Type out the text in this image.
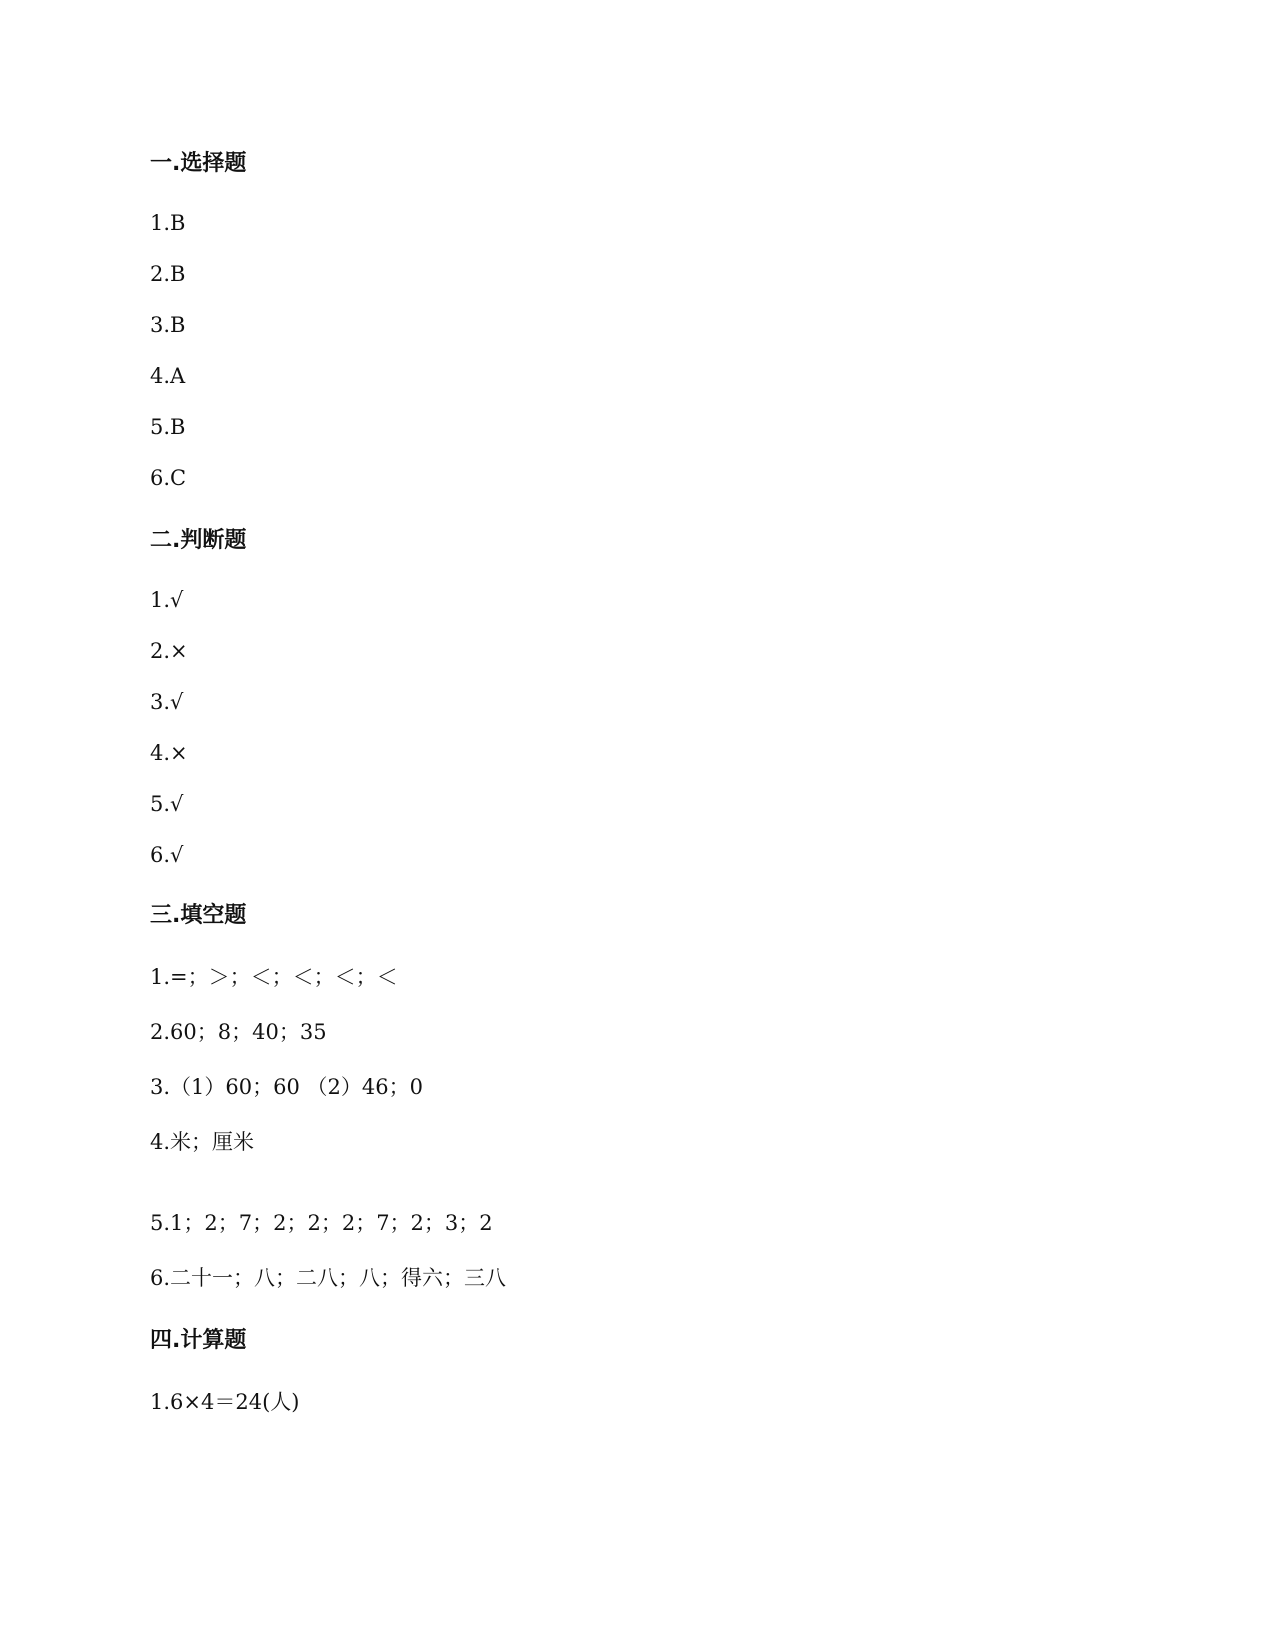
一.选择题
1.B
2.B
3.B
4.A
5.B
6.C
二.判断题
1.√
2.×
3.√
4.×
5.√
6.√
三.填空题
1.=；＞；＜；＜；＜；＜
2.60；8；40；35
3.（1）60；60 （2）46；0
4.米；厘米
5.1；2；7；2；2；2；7；2；3；2
6.二十一；八；二八；八；得六；三八
四.计算题
1.6×4＝24(人)
